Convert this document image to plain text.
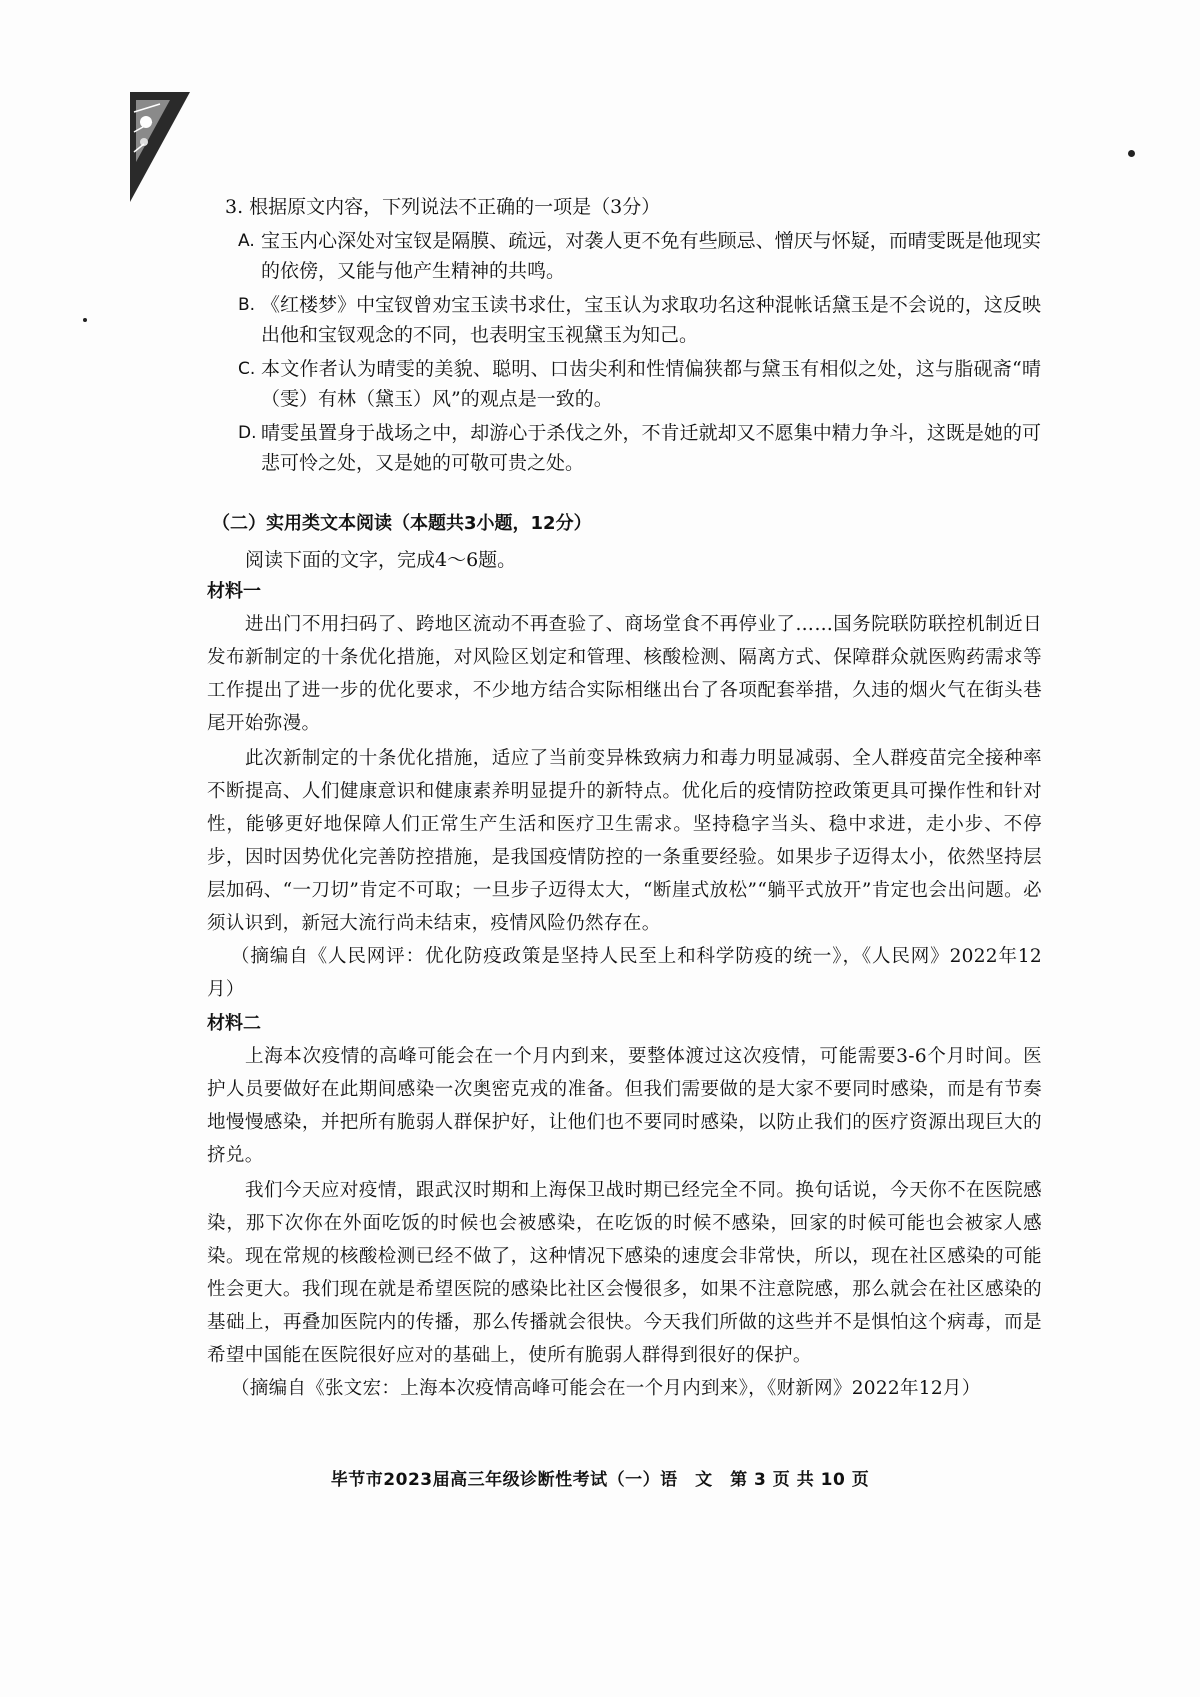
3. 根据原文内容，下列说法不正确的一项是（3分）
A. 宝玉内心深处对宝钗是隔膜、疏远，对袭人更不免有些顾忌、憎厌与怀疑，而晴雯既是他现实的依傍，又能与他产生精神的共鸣。
B. 《红楼梦》中宝钗曾劝宝玉读书求仕，宝玉认为求取功名这种混帐话黛玉是不会说的，这反映出他和宝钗观念的不同，也表明宝玉视黛玉为知己。
C. 本文作者认为晴雯的美貌、聪明、口齿尖利和性情偏狭都与黛玉有相似之处，这与脂砚斋“晴（雯）有林（黛玉）风”的观点是一致的。
D. 晴雯虽置身于战场之中，却游心于杀伐之外，不肯迁就却又不愿集中精力争斗，这既是她的可悲可怜之处，又是她的可敬可贵之处。
（二）实用类文本阅读（本题共3小题，12分）
阅读下面的文字，完成4～6题。
材料一

进出门不用扫码了、跨地区流动不再查验了、商场堂食不再停业了……国务院联防联控机制近日发布新制定的十条优化措施，对风险区划定和管理、核酸检测、隔离方式、保障群众就医购药需求等工作提出了进一步的优化要求，不少地方结合实际相继出台了各项配套举措，久违的烟火气在街头巷尾开始弥漫。

此次新制定的十条优化措施，适应了当前变异株致病力和毒力明显减弱、全人群疫苗完全接种率不断提高、人们健康意识和健康素养明显提升的新特点。优化后的疫情防控政策更具可操作性和针对性，能够更好地保障人们正常生产生活和医疗卫生需求。坚持稳字当头、稳中求进，走小步、不停步，因时因势优化完善防控措施，是我国疫情防控的一条重要经验。如果步子迈得太小，依然坚持层层加码、“一刀切”肯定不可取；一旦步子迈得太大，“断崖式放松”“躺平式放开”肯定也会出问题。必须认识到，新冠大流行尚未结束，疫情风险仍然存在。

（摘编自《人民网评：优化防疫政策是坚持人民至上和科学防疫的统一》，《人民网》2022年12月）

材料二

上海本次疫情的高峰可能会在一个月内到来，要整体渡过这次疫情，可能需要3-6个月时间。医护人员要做好在此期间感染一次奥密克戎的准备。但我们需要做的是大家不要同时感染，而是有节奏地慢慢感染，并把所有脆弱人群保护好，让他们也不要同时感染，以防止我们的医疗资源出现巨大的挤兑。

我们今天应对疫情，跟武汉时期和上海保卫战时期已经完全不同。换句话说，今天你不在医院感染，那下次你在外面吃饭的时候也会被感染，在吃饭的时候不感染，回家的时候可能也会被家人感染。现在常规的核酸检测已经不做了，这种情况下感染的速度会非常快，所以，现在社区感染的可能性会更大。我们现在就是希望医院的感染比社区会慢很多，如果不注意院感，那么就会在社区感染的基础上，再叠加医院内的传播，那么传播就会很快。今天我们所做的这些并不是惧怕这个病毒，而是希望中国能在医院很好应对的基础上，使所有脆弱人群得到很好的保护。

（摘编自《张文宏：上海本次疫情高峰可能会在一个月内到来》，《财新网》2022年12月）

毕节市2023届高三年级诊断性考试（一）语　文　第 3 页 共 10 页
